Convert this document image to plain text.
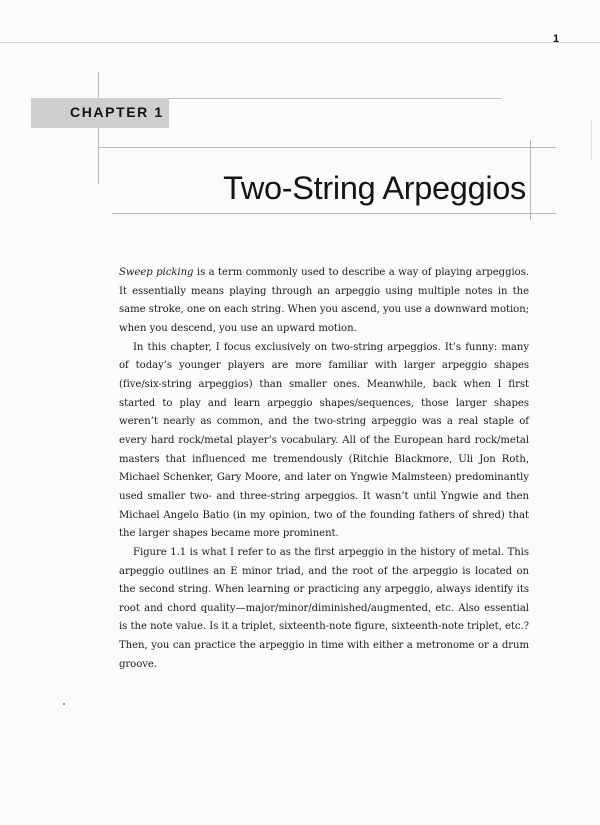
CHAPTER 1
1
Two-String Arpeggios

Sweep picking is a term commonly used to describe a way of playing arpeggios. It essentially means playing through an arpeggio using multiple notes in the same stroke, one on each string. When you ascend, you use a downward motion; when you descend, you use an upward motion.

In this chapter, I focus exclusively on two-string arpeggios. It’s funny: many of today’s younger players are more familiar with larger arpeggio shapes (five/six-string arpeggios) than smaller ones. Meanwhile, back when I first started to play and learn arpeggio shapes/sequences, those larger shapes weren’t nearly as common, and the two-string arpeggio was a real staple of every hard rock/metal player’s vocabulary. All of the European hard rock/metal masters that influenced me tremendously (Ritchie Blackmore, Uli Jon Roth, Michael Schenker, Gary Moore, and later on Yngwie Malmsteen) predominantly used smaller two- and three-string arpeggios. It wasn’t until Yngwie and then Michael Angelo Batio (in my opinion, two of the founding fathers of shred) that the larger shapes became more prominent.

Figure 1.1 is what I refer to as the first arpeggio in the history of metal. This arpeggio outlines an E minor triad, and the root of the arpeggio is located on the second string. When learning or practicing any arpeggio, always identify its root and chord quality—major/minor/diminished/augmented, etc. Also essential is the note value. Is it a triplet, sixteenth-note figure, sixteenth-note triplet, etc.? Then, you can practice the arpeggio in time with either a metronome or a drum groove.
